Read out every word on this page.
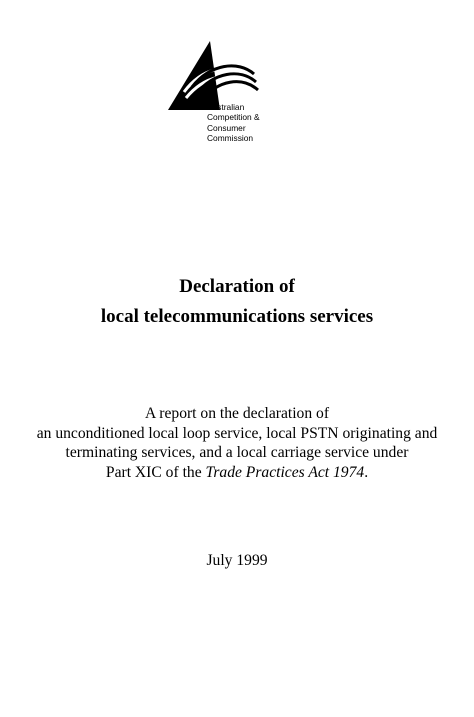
Australian
Competition &
Consumer
Commission
Declaration of
local telecommunications services
A report on the declaration of
an unconditioned local loop service, local PSTN originating and
terminating services, and a local carriage service under
Part XIC of the Trade Practices Act 1974.
July 1999
